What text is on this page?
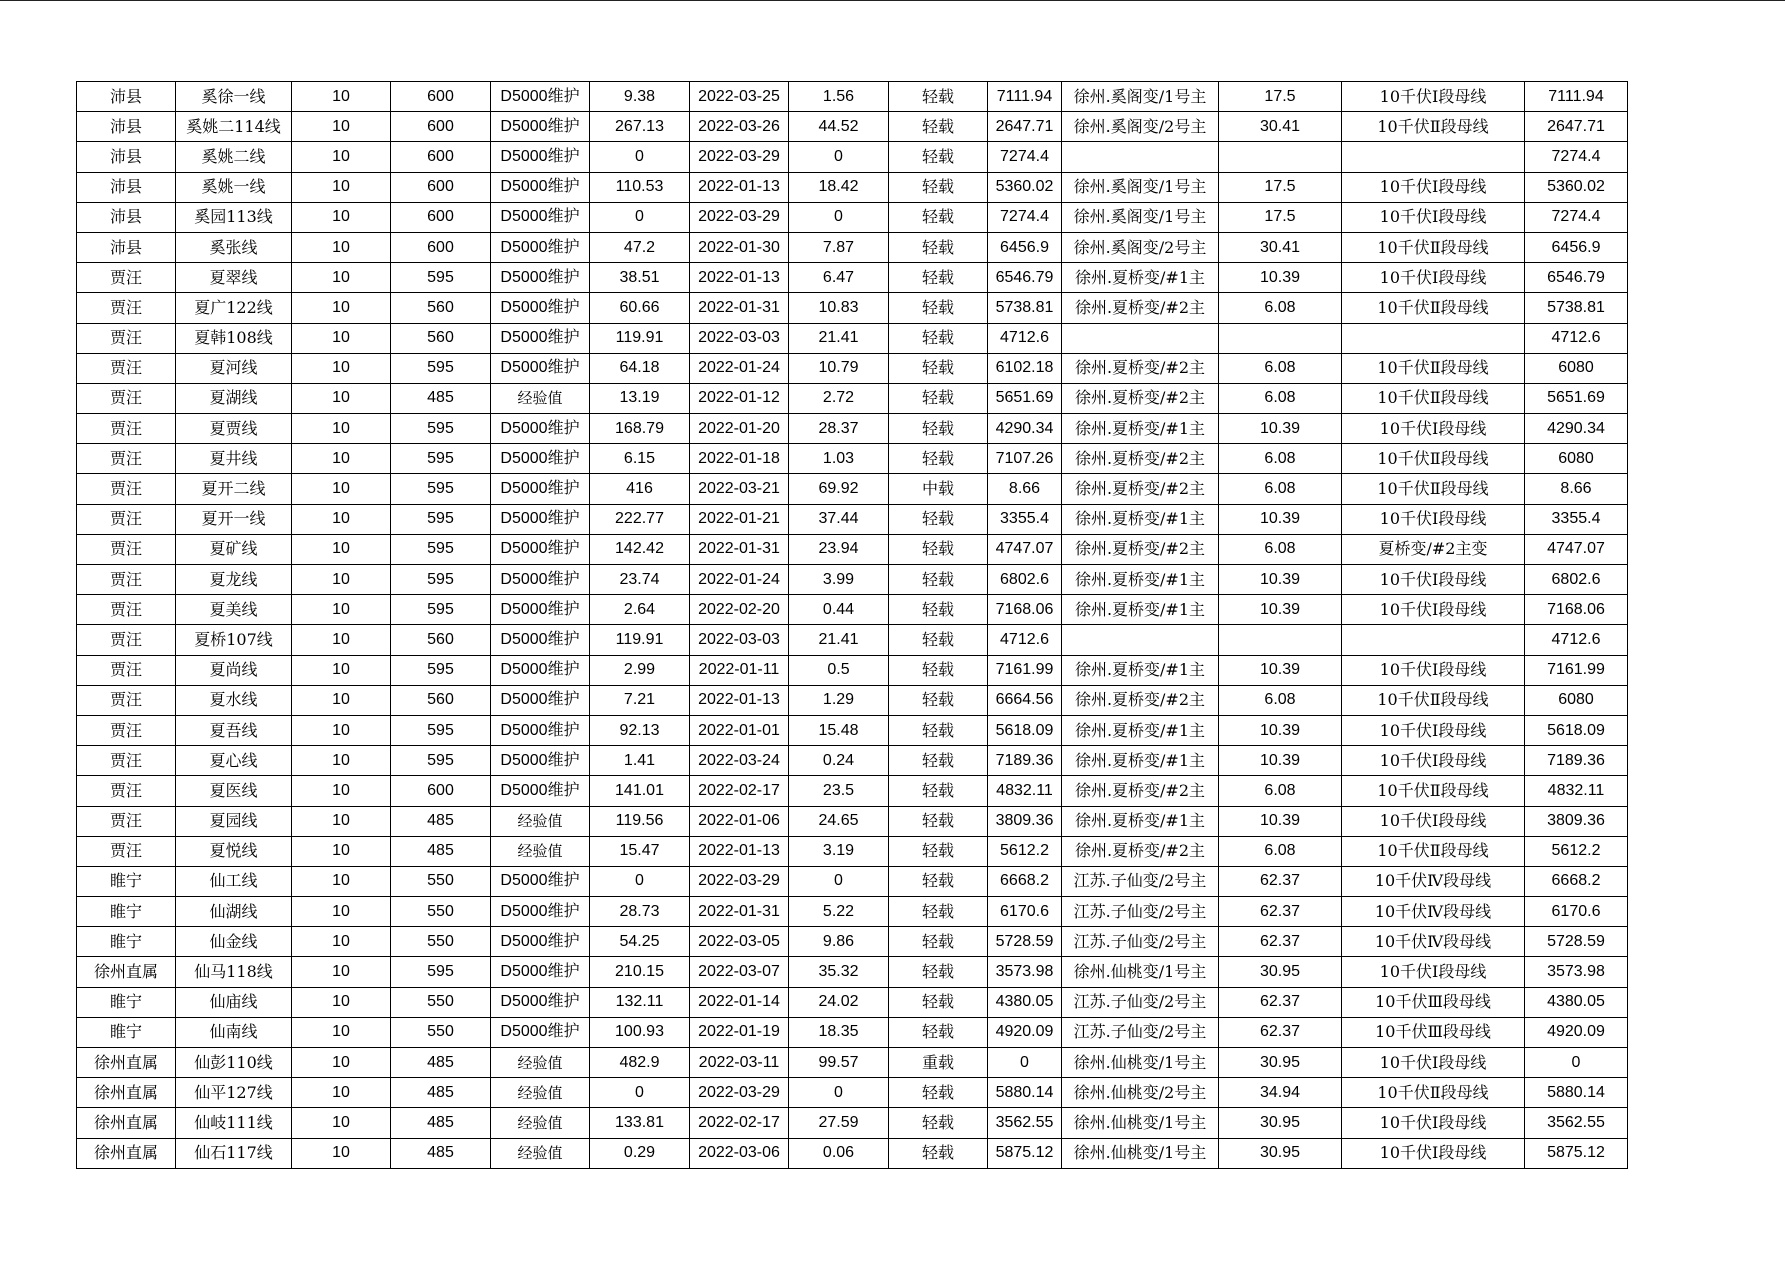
沛县	奚徐一线	10	600	D5000维护	9.38	2022-03-25	1.56	轻载	7111.94	徐州.奚阁变/1号主	17.5	10千伏Ⅰ段母线	7111.94
沛县	奚姚二114线	10	600	D5000维护	267.13	2022-03-26	44.52	轻载	2647.71	徐州.奚阁变/2号主	30.41	10千伏Ⅱ段母线	2647.71
沛县	奚姚二线	10	600	D5000维护	0	2022-03-29	0	轻载	7274.4				7274.4
沛县	奚姚一线	10	600	D5000维护	110.53	2022-01-13	18.42	轻载	5360.02	徐州.奚阁变/1号主	17.5	10千伏Ⅰ段母线	5360.02
沛县	奚园113线	10	600	D5000维护	0	2022-03-29	0	轻载	7274.4	徐州.奚阁变/1号主	17.5	10千伏Ⅰ段母线	7274.4
沛县	奚张线	10	600	D5000维护	47.2	2022-01-30	7.87	轻载	6456.9	徐州.奚阁变/2号主	30.41	10千伏Ⅱ段母线	6456.9
贾汪	夏翠线	10	595	D5000维护	38.51	2022-01-13	6.47	轻载	6546.79	徐州.夏桥变/#1主	10.39	10千伏Ⅰ段母线	6546.79
贾汪	夏广122线	10	560	D5000维护	60.66	2022-01-31	10.83	轻载	5738.81	徐州.夏桥变/#2主	6.08	10千伏Ⅱ段母线	5738.81
贾汪	夏韩108线	10	560	D5000维护	119.91	2022-03-03	21.41	轻载	4712.6				4712.6
贾汪	夏河线	10	595	D5000维护	64.18	2022-01-24	10.79	轻载	6102.18	徐州.夏桥变/#2主	6.08	10千伏Ⅱ段母线	6080
贾汪	夏湖线	10	485	经验值	13.19	2022-01-12	2.72	轻载	5651.69	徐州.夏桥变/#2主	6.08	10千伏Ⅱ段母线	5651.69
贾汪	夏贾线	10	595	D5000维护	168.79	2022-01-20	28.37	轻载	4290.34	徐州.夏桥变/#1主	10.39	10千伏Ⅰ段母线	4290.34
贾汪	夏井线	10	595	D5000维护	6.15	2022-01-18	1.03	轻载	7107.26	徐州.夏桥变/#2主	6.08	10千伏Ⅱ段母线	6080
贾汪	夏开二线	10	595	D5000维护	416	2022-03-21	69.92	中载	8.66	徐州.夏桥变/#2主	6.08	10千伏Ⅱ段母线	8.66
贾汪	夏开一线	10	595	D5000维护	222.77	2022-01-21	37.44	轻载	3355.4	徐州.夏桥变/#1主	10.39	10千伏Ⅰ段母线	3355.4
贾汪	夏矿线	10	595	D5000维护	142.42	2022-01-31	23.94	轻载	4747.07	徐州.夏桥变/#2主	6.08	夏桥变/#2主变	4747.07
贾汪	夏龙线	10	595	D5000维护	23.74	2022-01-24	3.99	轻载	6802.6	徐州.夏桥变/#1主	10.39	10千伏Ⅰ段母线	6802.6
贾汪	夏美线	10	595	D5000维护	2.64	2022-02-20	0.44	轻载	7168.06	徐州.夏桥变/#1主	10.39	10千伏Ⅰ段母线	7168.06
贾汪	夏桥107线	10	560	D5000维护	119.91	2022-03-03	21.41	轻载	4712.6				4712.6
贾汪	夏尚线	10	595	D5000维护	2.99	2022-01-11	0.5	轻载	7161.99	徐州.夏桥变/#1主	10.39	10千伏Ⅰ段母线	7161.99
贾汪	夏水线	10	560	D5000维护	7.21	2022-01-13	1.29	轻载	6664.56	徐州.夏桥变/#2主	6.08	10千伏Ⅱ段母线	6080
贾汪	夏吾线	10	595	D5000维护	92.13	2022-01-01	15.48	轻载	5618.09	徐州.夏桥变/#1主	10.39	10千伏Ⅰ段母线	5618.09
贾汪	夏心线	10	595	D5000维护	1.41	2022-03-24	0.24	轻载	7189.36	徐州.夏桥变/#1主	10.39	10千伏Ⅰ段母线	7189.36
贾汪	夏医线	10	600	D5000维护	141.01	2022-02-17	23.5	轻载	4832.11	徐州.夏桥变/#2主	6.08	10千伏Ⅱ段母线	4832.11
贾汪	夏园线	10	485	经验值	119.56	2022-01-06	24.65	轻载	3809.36	徐州.夏桥变/#1主	10.39	10千伏Ⅰ段母线	3809.36
贾汪	夏悦线	10	485	经验值	15.47	2022-01-13	3.19	轻载	5612.2	徐州.夏桥变/#2主	6.08	10千伏Ⅱ段母线	5612.2
睢宁	仙工线	10	550	D5000维护	0	2022-03-29	0	轻载	6668.2	江苏.子仙变/2号主	62.37	10千伏Ⅳ段母线	6668.2
睢宁	仙湖线	10	550	D5000维护	28.73	2022-01-31	5.22	轻载	6170.6	江苏.子仙变/2号主	62.37	10千伏Ⅳ段母线	6170.6
睢宁	仙金线	10	550	D5000维护	54.25	2022-03-05	9.86	轻载	5728.59	江苏.子仙变/2号主	62.37	10千伏Ⅳ段母线	5728.59
徐州直属	仙马118线	10	595	D5000维护	210.15	2022-03-07	35.32	轻载	3573.98	徐州.仙桃变/1号主	30.95	10千伏Ⅰ段母线	3573.98
睢宁	仙庙线	10	550	D5000维护	132.11	2022-01-14	24.02	轻载	4380.05	江苏.子仙变/2号主	62.37	10千伏Ⅲ段母线	4380.05
睢宁	仙南线	10	550	D5000维护	100.93	2022-01-19	18.35	轻载	4920.09	江苏.子仙变/2号主	62.37	10千伏Ⅲ段母线	4920.09
徐州直属	仙彭110线	10	485	经验值	482.9	2022-03-11	99.57	重载	0	徐州.仙桃变/1号主	30.95	10千伏Ⅰ段母线	0
徐州直属	仙平127线	10	485	经验值	0	2022-03-29	0	轻载	5880.14	徐州.仙桃变/2号主	34.94	10千伏Ⅱ段母线	5880.14
徐州直属	仙岐111线	10	485	经验值	133.81	2022-02-17	27.59	轻载	3562.55	徐州.仙桃变/1号主	30.95	10千伏Ⅰ段母线	3562.55
徐州直属	仙石117线	10	485	经验值	0.29	2022-03-06	0.06	轻载	5875.12	徐州.仙桃变/1号主	30.95	10千伏Ⅰ段母线	5875.12
